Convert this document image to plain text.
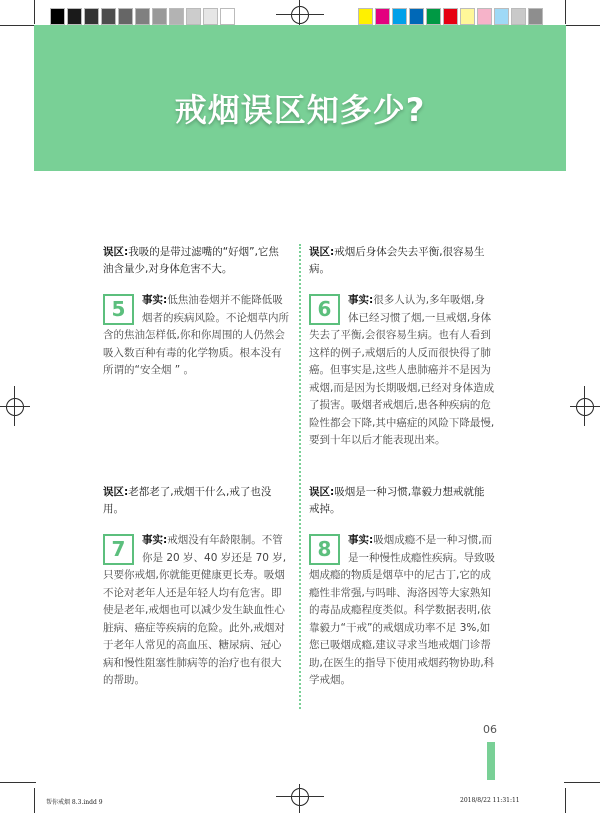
戒烟误区知多少?
误区:我吸的是带过滤嘴的“好烟”,它焦油含量少,对身体危害不大。
5	事实:低焦油卷烟并不能降低吸烟者的疾病风险。不论烟草内所含的焦油怎样低,你和你周围的人仍然会吸入数百种有毒的化学物质。根本没有所谓的“安全烟 ” 。
误区:戒烟后身体会失去平衡,很容易生病。
6	事实:很多人认为,多年吸烟,身体已经习惯了烟,一旦戒烟,身体失去了平衡,会很容易生病。也有人看到这样的例子,戒烟后的人反而很快得了肺癌。但事实是,这些人患肺癌并不是因为戒烟,而是因为长期吸烟,已经对身体造成了损害。吸烟者戒烟后,患各种疾病的危险性都会下降,其中癌症的风险下降最慢,要到十年以后才能表现出来。
误区:老都老了,戒烟干什么,戒了也没用。
7	事实:戒烟没有年龄限制。不管你是 20 岁、40 岁还是 70 岁,只要你戒烟,你就能更健康更长寿。吸烟不论对老年人还是年轻人均有危害。即使是老年,戒烟也可以减少发生缺血性心脏病、癌症等疾病的危险。此外,戒烟对于老年人常见的高血压、糖尿病、冠心病和慢性阻塞性肺病等的治疗也有很大的帮助。
误区:吸烟是一种习惯,靠毅力想戒就能戒掉。
8	事实:吸烟成瘾不是一种习惯,而是一种慢性成瘾性疾病。导致吸烟成瘾的物质是烟草中的尼古丁,它的成瘾性非常强,与吗啡、海洛因等大家熟知的毒品成瘾程度类似。科学数据表明,依靠毅力“干戒”的戒烟成功率不足 3%,如您已吸烟成瘾,建议寻求当地戒烟门诊帮助,在医生的指导下使用戒烟药物协助,科学戒烟。
06
帮你戒烟 8.3.indd 9	2018/8/22 11:31:11
